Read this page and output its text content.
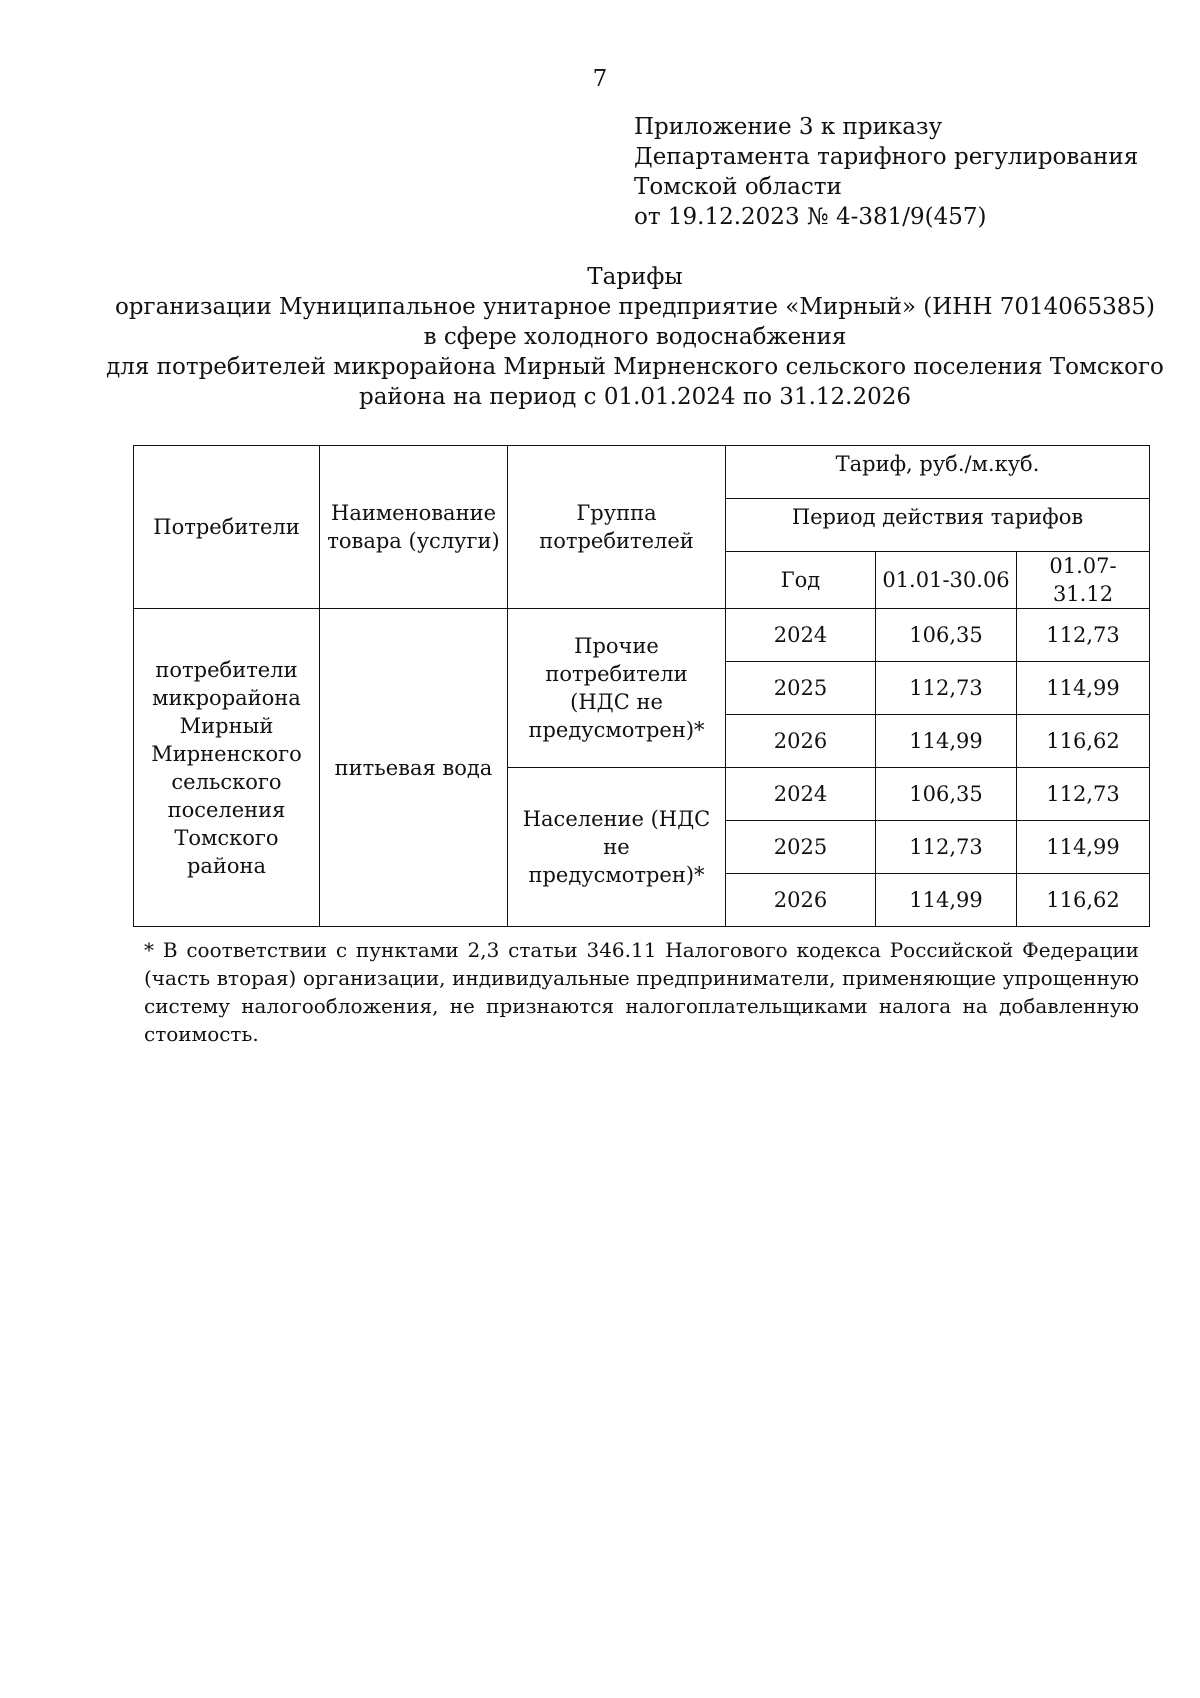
7
Приложение 3 к приказу
Департамента тарифного регулирования
Томской области
от 19.12.2023 № 4-381/9(457)
Тарифы
организации Муниципальное унитарное предприятие «Мирный» (ИНН 7014065385)
в сфере холодного водоснабжения
для потребителей микрорайона Мирный Мирненского сельского поселения Томского
района на период с 01.01.2024 по 31.12.2026
Потребители	Наименование товара (услуги)	Группа потребителей	Тариф, руб./м.куб.		
			Период действия тарифов		
			Год	01.01-30.06	01.07-31.12
потребители микрорайона Мирный Мирненского сельского поселения Томского района	питьевая вода	Прочие потребители (НДС не предусмотрен)*	2024	106,35	112,73
			2025	112,73	114,99
			2026	114,99	116,62
		Население (НДС не предусмотрен)*	2024	106,35	112,73
			2025	112,73	114,99
			2026	114,99	116,62
* В соответствии с пунктами 2,3 статьи 346.11 Налогового кодекса Российской Федерации (часть вторая) организации, индивидуальные предприниматели, применяющие упрощенную систему налогообложения, не признаются налогоплательщиками налога на добавленную стоимость.
